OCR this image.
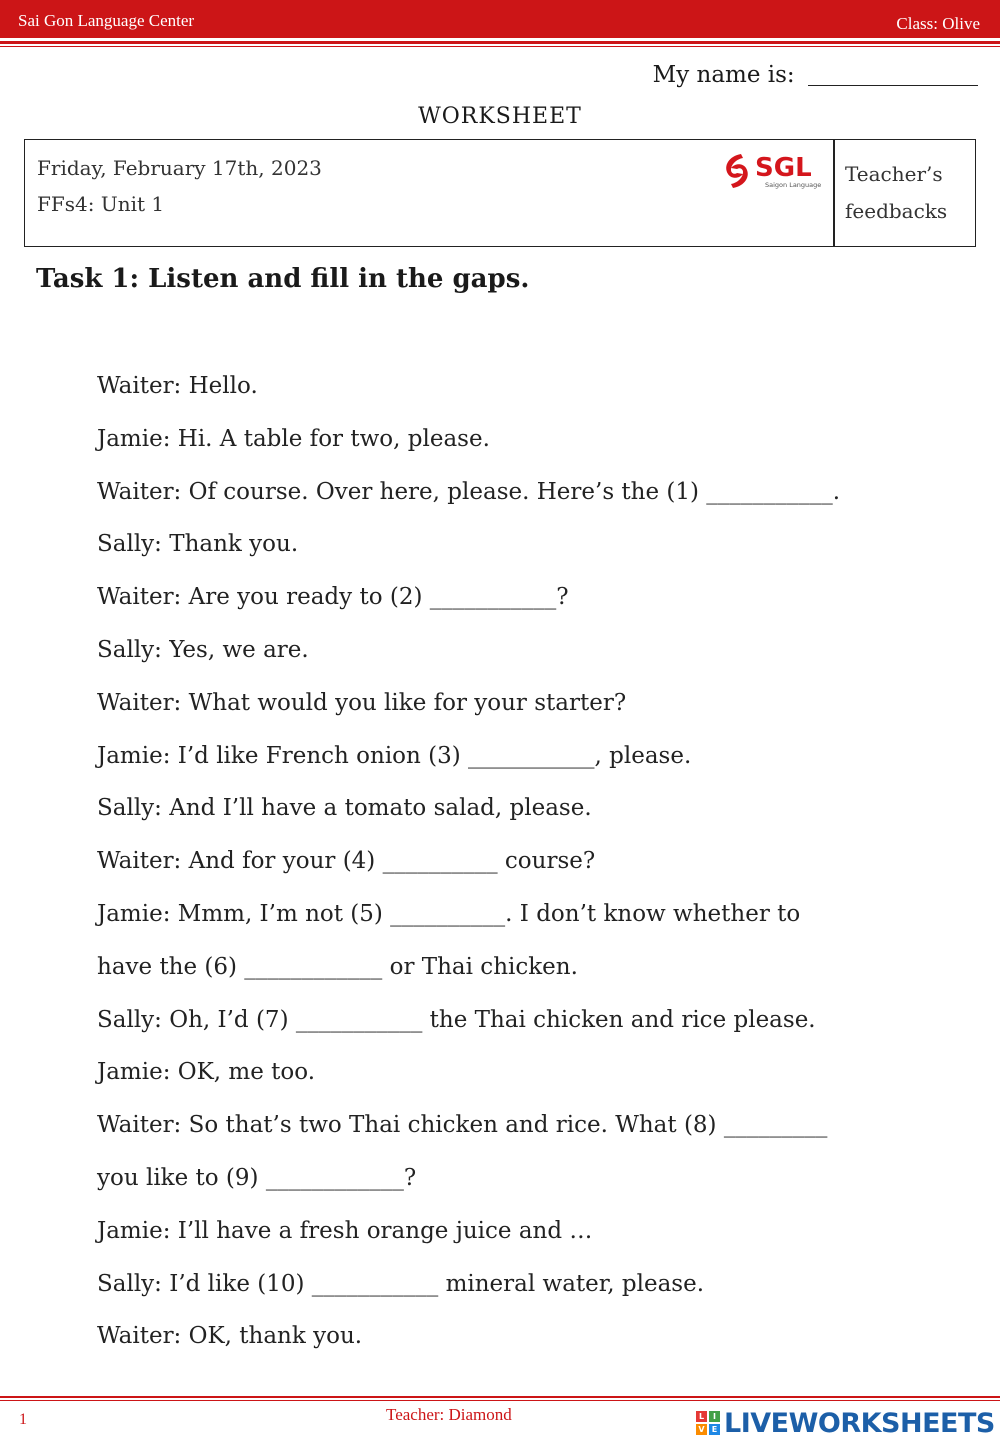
Sai Gon Language Center	Class: Olive
My name is:
WORKSHEET
Friday, February 17th, 2023
FFs4: Unit 1
SGL
Saigon Language Teacher’s
feedbacks
Task 1: Listen and fill in the gaps.
Waiter: Hello.
Jamie: Hi. A table for two, please.
Waiter: Of course. Over here, please. Here’s the (1) ___________.
Sally: Thank you.
Waiter: Are you ready to (2) ___________?
Sally: Yes, we are.
Waiter: What would you like for your starter?
Jamie: I’d like French onion (3) ___________, please.
Sally: And I’ll have a tomato salad, please.
Waiter: And for your (4) __________ course?
Jamie: Mmm, I’m not (5) __________. I don’t know whether to
have the (6) ____________ or Thai chicken.
Sally: Oh, I’d (7) ___________ the Thai chicken and rice please.
Jamie: OK, me too.
Waiter: So that’s two Thai chicken and rice. What (8) _________
you like to (9) ____________?
Jamie: I’ll have a fresh orange juice and …
Sally: I’d like (10) ___________ mineral water, please.
Waiter: OK, thank you.
1	Teacher: Diamond	L	I
V E LIVEWORKSHEETS
